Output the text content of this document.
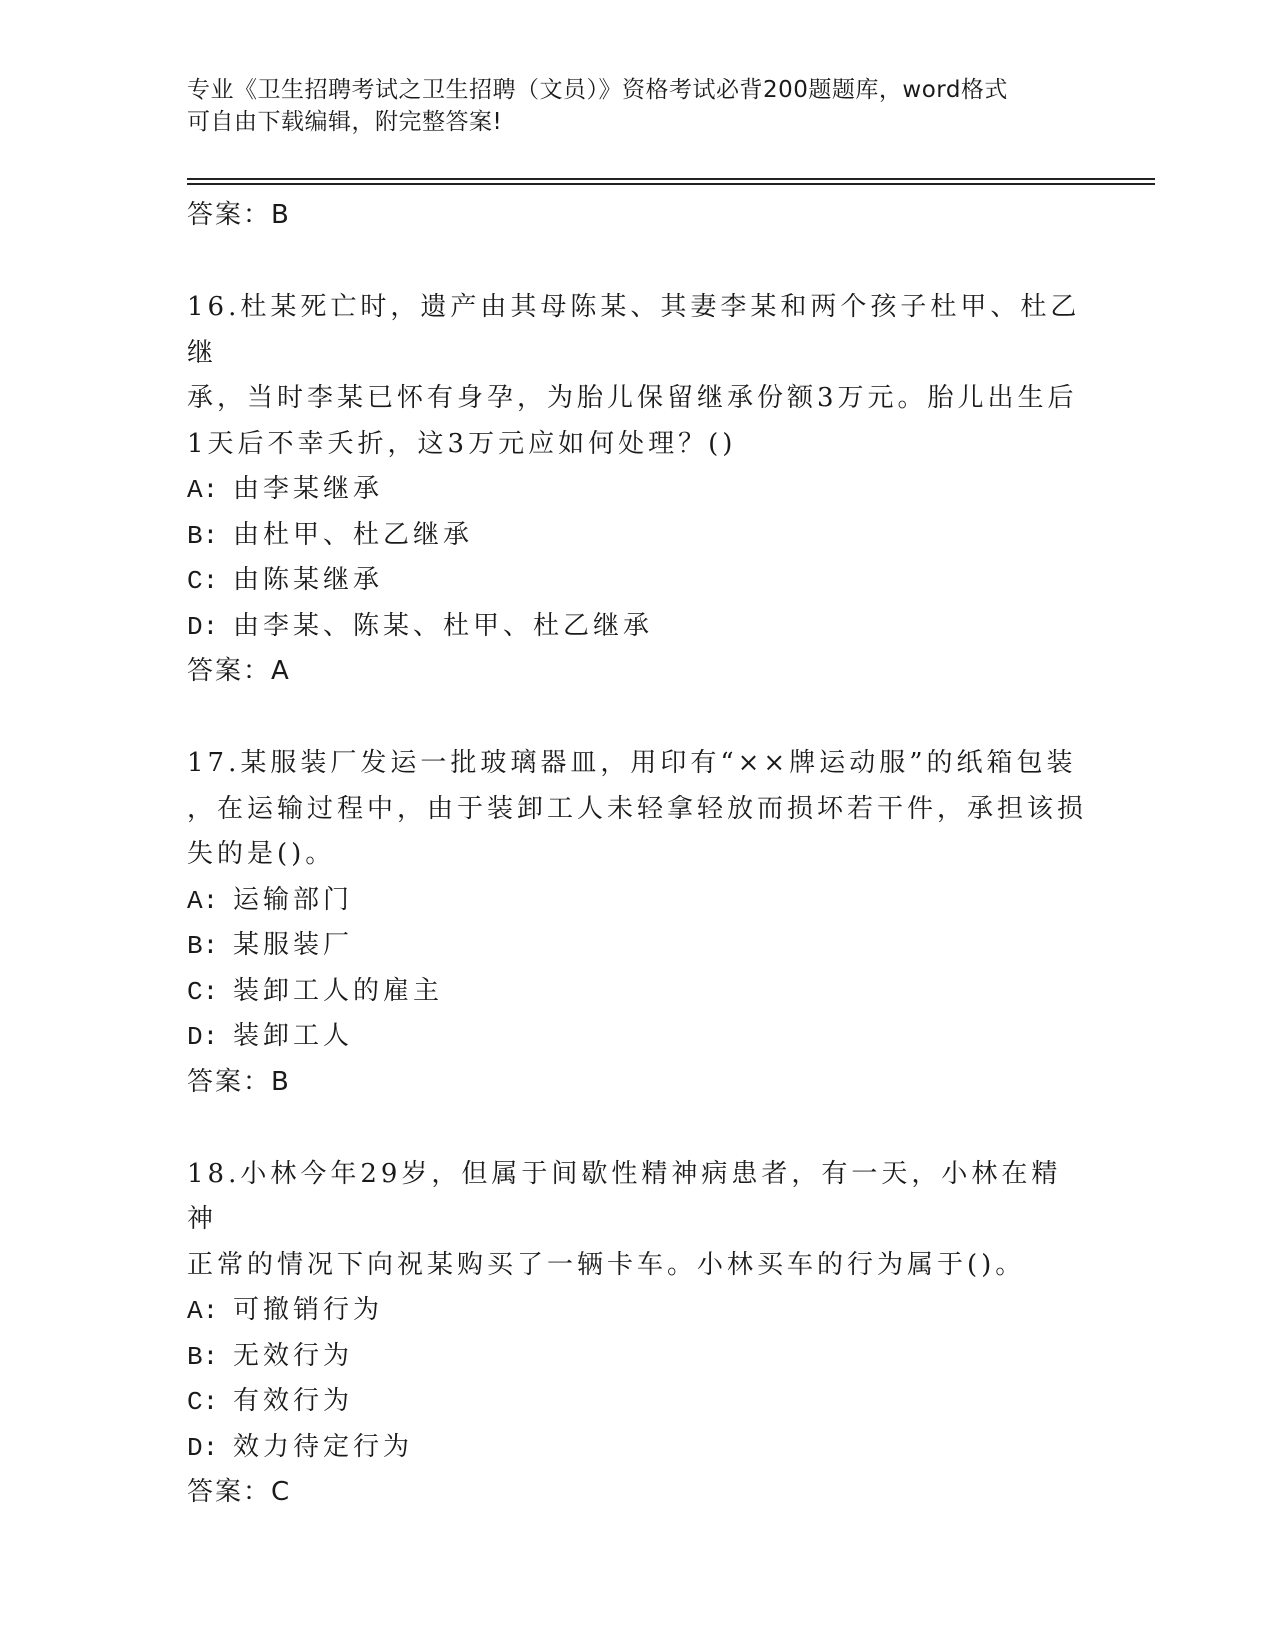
专业《卫生招聘考试之卫生招聘（文员）》资格考试必背200题题库，word格式
可自由下载编辑，附完整答案!
答案：B
16.杜某死亡时，遗产由其母陈某、其妻李某和两个孩子杜甲、杜乙继
承，当时李某已怀有身孕，为胎儿保留继承份额3万元。胎儿出生后
1天后不幸夭折，这3万元应如何处理？()
A: 由李某继承
B: 由杜甲、杜乙继承
C: 由陈某继承
D: 由李某、陈某、杜甲、杜乙继承
答案：A
17.某服装厂发运一批玻璃器皿，用印有“××牌运动服”的纸箱包装
，在运输过程中，由于装卸工人未轻拿轻放而损坏若干件，承担该损
失的是()。
A: 运输部门
B: 某服装厂
C: 装卸工人的雇主
D: 装卸工人
答案：B
18.小林今年29岁，但属于间歇性精神病患者，有一天，小林在精神
正常的情况下向祝某购买了一辆卡车。小林买车的行为属于()。
A: 可撤销行为
B: 无效行为
C: 有效行为
D: 效力待定行为
答案：C
